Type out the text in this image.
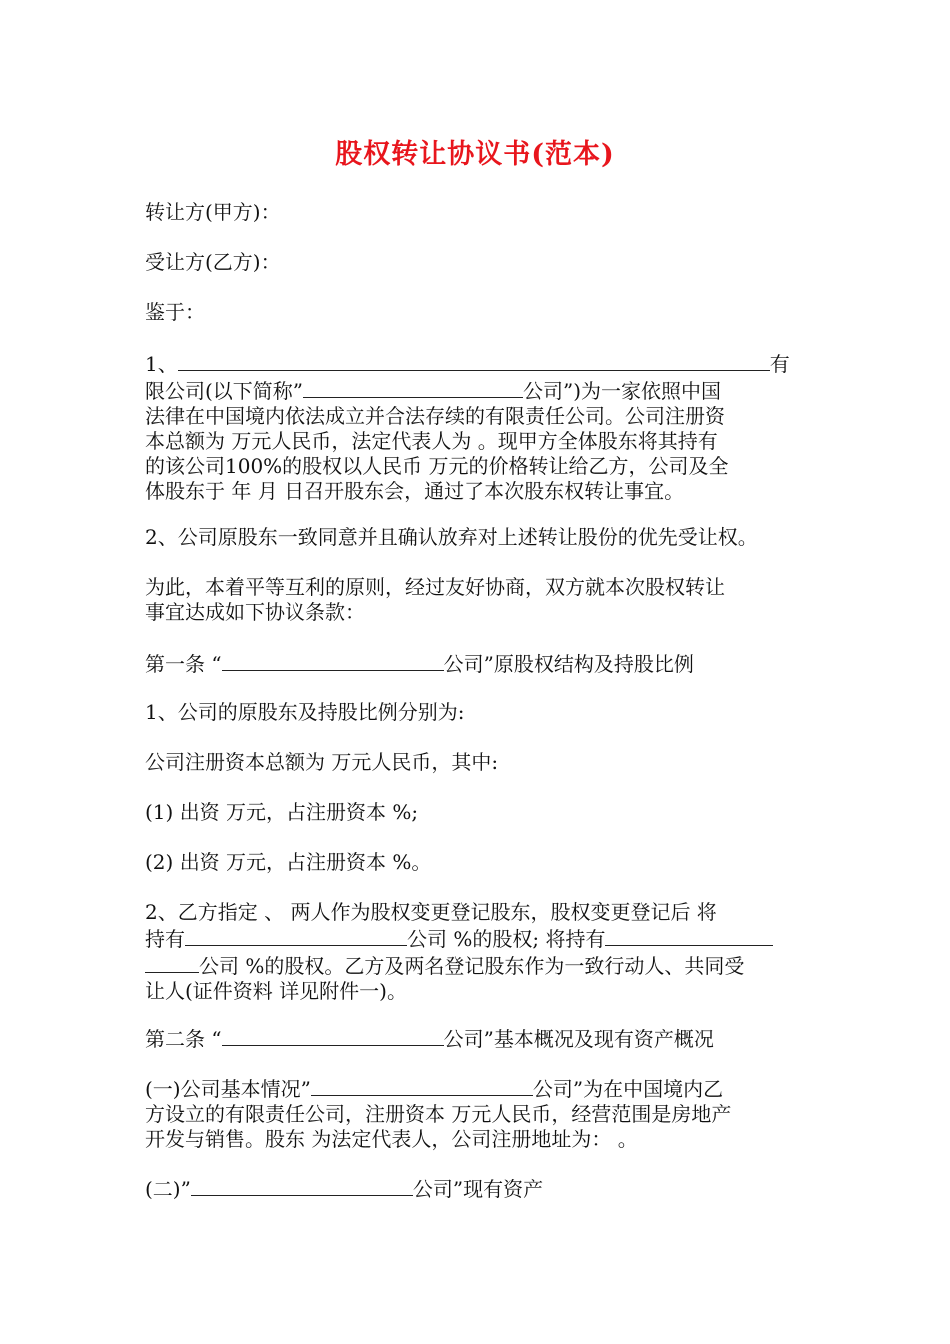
股权转让协议书(范本)
转让方(甲方)：
受让方(乙方)：
鉴于：
1、	有
限公司(以下简称”	公司”)为一家依照中国
法律在中国境内依法成立并合法存续的有限责任公司。公司注册资
本总额为 万元人民币，法定代表人为 。现甲方全体股东将其持有
的该公司100%的股权以人民币 万元的价格转让给乙方，公司及全
体股东于 年 月 日召开股东会，通过了本次股东权转让事宜。
2、公司原股东一致同意并且确认放弃对上述转让股份的优先受让权。
为此，本着平等互利的原则，经过友好协商，双方就本次股权转让
事宜达成如下协议条款：
第一条 “	公司”原股权结构及持股比例
1、公司的原股东及持股比例分别为:
公司注册资本总额为 万元人民币，其中:
(1) 出资 万元，占注册资本 %;
(2) 出资 万元，占注册资本 %。
2、乙方指定 、 两人作为股权变更登记股东，股权变更登记后 将
持有	公司 %的股权; 将持有
公司 %的股权。乙方及两名登记股东作为一致行动人、共同受
让人(证件资料 详见附件一)。
第二条 “	公司”基本概况及现有资产概况
(一)公司基本情况”	公司”为在中国境内乙
方设立的有限责任公司，注册资本 万元人民币，经营范围是房地产
开发与销售。股东 为法定代表人，公司注册地址为： 。
(二)”	公司”现有资产
